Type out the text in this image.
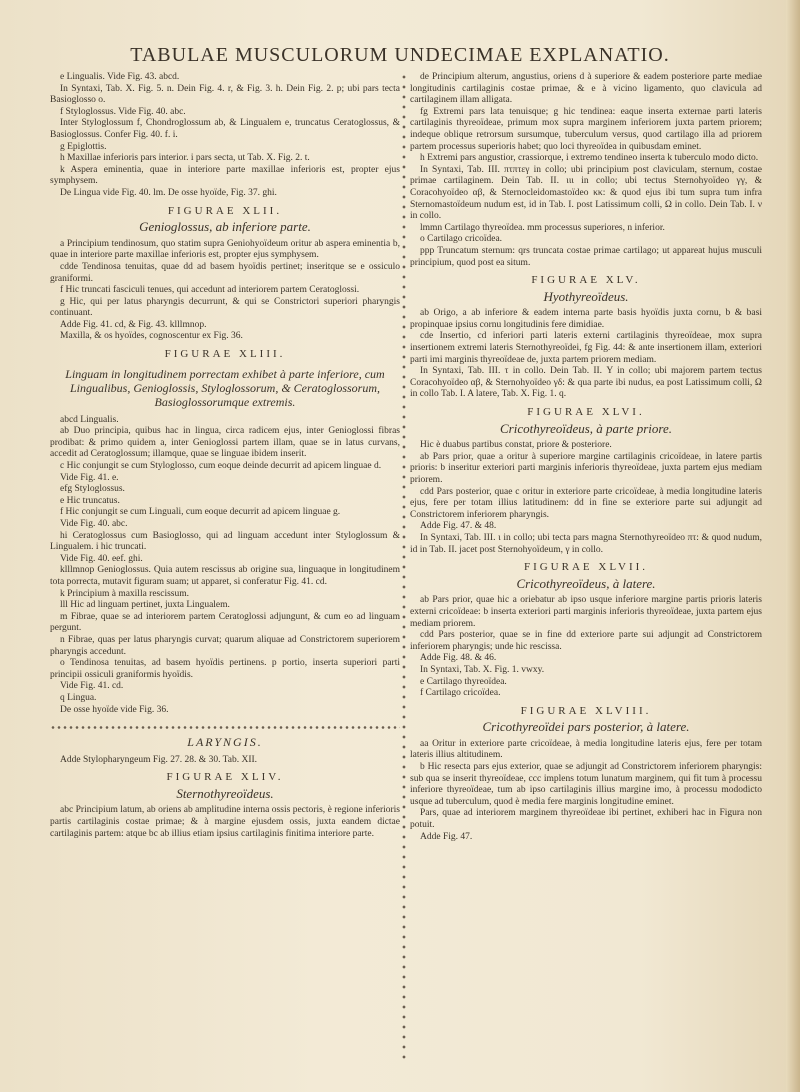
TABULAE MUSCULORUM UNDECIMAE EXPLANATIO.

e Lingualis. Vide Fig. 43. abcd.

In Syntaxi, Tab. X. Fig. 5. n. Dein Fig. 4. r, & Fig. 3. h. Dein Fig. 2. p; ubi pars tecta Basioglosso o.

f Styloglossus. Vide Fig. 40. abc.

Inter Styloglossum f, Chondroglossum ab, & Lingualem e, truncatus Ceratoglossus, & Basioglossus. Confer Fig. 40. f. i.

g Epiglottis.

h Maxillae inferioris pars interior. i pars secta, ut Tab. X. Fig. 2. t.

k Aspera eminentia, quae in interiore parte maxillae inferioris est, propter ejus symphysem.

De Lingua vide Fig. 40. lm. De osse hyoïde, Fig. 37. ghi.

FIGURAE XLII.
Genioglossus, ab inferiore parte.

a Principium tendinosum, quo statim supra Geniohyoïdeum oritur ab aspera eminentia b, quae in interiore parte maxillae inferioris est, propter ejus symphysem.

cdde Tendinosa tenuitas, quae dd ad basem hyoïdis pertinet; inseritque se e ossiculo graniformi.

f Hic truncati fasciculi tenues, qui accedunt ad interiorem partem Ceratoglossi.

g Hic, qui per latus pharyngis decurrunt, & qui se Constrictori superiori pharyngis continuant.

Adde Fig. 41. cd, & Fig. 43. klllmnop.

Maxilla, & os hyoïdes, cognoscentur ex Fig. 36.

FIGURAE XLIII.
Linguam in longitudinem porrectam exhibet à parte inferiore, cum Lingualibus, Genioglossis, Styloglossorum, & Ceratoglossorum, Basioglossorumque extremis.

abcd Lingualis.

ab Duo principia, quibus hac in lingua, circa radicem ejus, inter Genioglossi fibras prodibat: & primo quidem a, inter Genioglossi partem illam, quae se in latus curvans, accedit ad Ceratoglossum; illamque, quae se linguae ibidem inserit.

c Hic conjungit se cum Styloglosso, cum eoque deinde decurrit ad apicem linguae d.

Vide Fig. 41. e.

efg Styloglossus.

e Hic truncatus.

f Hic conjungit se cum Linguali, cum eoque decurrit ad apicem linguae g.

Vide Fig. 40. abc.

hi Ceratoglossus cum Basioglosso, qui ad linguam accedunt inter Styloglossum & Lingualem. i hic truncati.

Vide Fig. 40. eef. ghi.

klllmnop Genioglossus. Quia autem rescissus ab origine sua, linguaque in longitudinem tota porrecta, mutavit figuram suam; ut apparet, si conferatur Fig. 41. cd.

k Principium à maxilla rescissum.

lll Hic ad linguam pertinet, juxta Lingualem.

m Fibrae, quae se ad interiorem partem Ceratoglossi adjungunt, & cum eo ad linguam pergunt.

n Fibrae, quas per latus pharyngis curvat; quarum aliquae ad Constrictorem superiorem pharyngis accedunt.

o Tendinosa tenuitas, ad basem hyoïdis pertinens. p portio, inserta superiori parti principii ossiculi graniformis hyoïdis.

Vide Fig. 41. cd.

q Lingua.

De osse hyoïde vide Fig. 36.

LARYNGIS.

Adde Stylopharyngeum Fig. 27. 28. & 30. Tab. XII.

FIGURAE XLIV.
Sternothyreoïdeus.

abc Principium latum, ab oriens ab amplitudine interna ossis pectoris, è regione inferioris partis cartilaginis costae primae; & à margine ejusdem ossis, juxta eandem dictae cartilaginis partem: atque bc ab illius etiam ipsius cartilaginis finitima interiore parte.

de Principium alterum, angustius, oriens d à superiore & eadem posteriore parte mediae longitudinis cartilaginis costae primae, & e à vicino ligamento, quo clavicula ad cartilaginem illam alligata.

fg Extremi pars lata tenuisque; g hic tendinea: eaque inserta externae parti lateris cartilaginis thyreoïdeae, primum mox supra marginem inferiorem juxta partem priorem; indeque oblique retrorsum sursumque, tuberculum versus, quod cartilago illa ad priorem partem processus superioris habet; quo loci thyreoïdea in quibusdam eminet.

h Extremi pars angustior, crassiorque, i extremo tendineo inserta k tuberculo modo dicto.

In Syntaxi, Tab. III. πτπτεγ in collo; ubi principium post claviculam, sternum, costae primae cartilaginem. Dein Tab. II. ιιι in collo; ubi tectus Sternohyoïdeo γγ, & Coracohyoïdeo αβ, & Sternocleidomastoïdeo κκ: & quod ejus ibi tum supra tum infra Sternomastoïdeum nudum est, id in Tab. I. post Latissimum colli, Ω in collo. Dein Tab. I. ν in collo.

lmmn Cartilago thyreoïdea. mm processus superiores, n inferior.

o Cartilago cricoïdea.

ppp Truncatum sternum: qrs truncata costae primae cartilago; ut appareat hujus musculi principium, quod post ea situm.

FIGURAE XLV.
Hyothyreoïdeus.

ab Origo, a ab inferiore & eadem interna parte basis hyoïdis juxta cornu, b & basi propinquae ipsius cornu longitudinis fere dimidiae.

cde Insertio, cd inferiori parti lateris externi cartilaginis thyreoïdeae, mox supra insertionem extremi lateris Sternothyreoïdei, fg Fig. 44: & ante insertionem illam, exteriori parti imi marginis thyreoïdeae de, juxta partem priorem mediam.

In Syntaxi, Tab. III. τ in collo. Dein Tab. II. Υ in collo; ubi majorem partem tectus Coracohyoïdeo αβ, & Sternohyoïdeo γδ: & qua parte ibi nudus, ea post Latissimum colli, Ω in collo Tab. I. A latere, Tab. X. Fig. 1. q.

FIGURAE XLVI.
Cricothyreoïdeus, à parte priore.

Hic è duabus partibus constat, priore & posteriore.

ab Pars prior, quae a oritur à superiore margine cartilaginis cricoïdeae, in latere partis prioris: b inseritur exteriori parti marginis inferioris thyreoïdeae, juxta partem ejus mediam priorem.

cdd Pars posterior, quae c oritur in exteriore parte cricoïdeae, à media longitudine lateris ejus, fere per totam illius latitudinem: dd in fine se exteriore parte sui adjungit ad Constrictorem inferiorem pharyngis.

Adde Fig. 47. & 48.

In Syntaxi, Tab. III. ι in collo; ubi tecta pars magna Sternothyreoïdeo πτ: & quod nudum, id in Tab. II. jacet post Sternohyoïdeum, γ in collo.

FIGURAE XLVII.
Cricothyreoïdeus, à latere.

ab Pars prior, quae hic a oriebatur ab ipso usque inferiore margine partis prioris lateris externi cricoïdeae: b inserta exteriori parti marginis inferioris thyreoïdeae, juxta partem ejus mediam priorem.

cdd Pars posterior, quae se in fine dd exteriore parte sui adjungit ad Constrictorem inferiorem pharyngis; unde hic rescissa.

Adde Fig. 48. & 46.

In Syntaxi, Tab. X. Fig. 1. vwxy.

e Cartilago thyreoïdea.

f Cartilago cricoïdea.

FIGURAE XLVIII.
Cricothyreoïdei pars posterior, à latere.

aa Oritur in exteriore parte cricoïdeae, à media longitudine lateris ejus, fere per totam lateris illius altitudinem.

b Hic resecta pars ejus exterior, quae se adjungit ad Constrictorem inferiorem pharyngis: sub qua se inserit thyreoïdeae, ccc implens totum lunatum marginem, qui fit tum à processu inferiore thyreoïdeae, tum ab ipso cartilaginis illius margine imo, à processu mododicto usque ad tuberculum, quod è media fere marginis longitudine eminet.

Pars, quae ad interiorem marginem thyreoïdeae ibi pertinet, exhiberi hac in Figura non potuit.

Adde Fig. 47.
